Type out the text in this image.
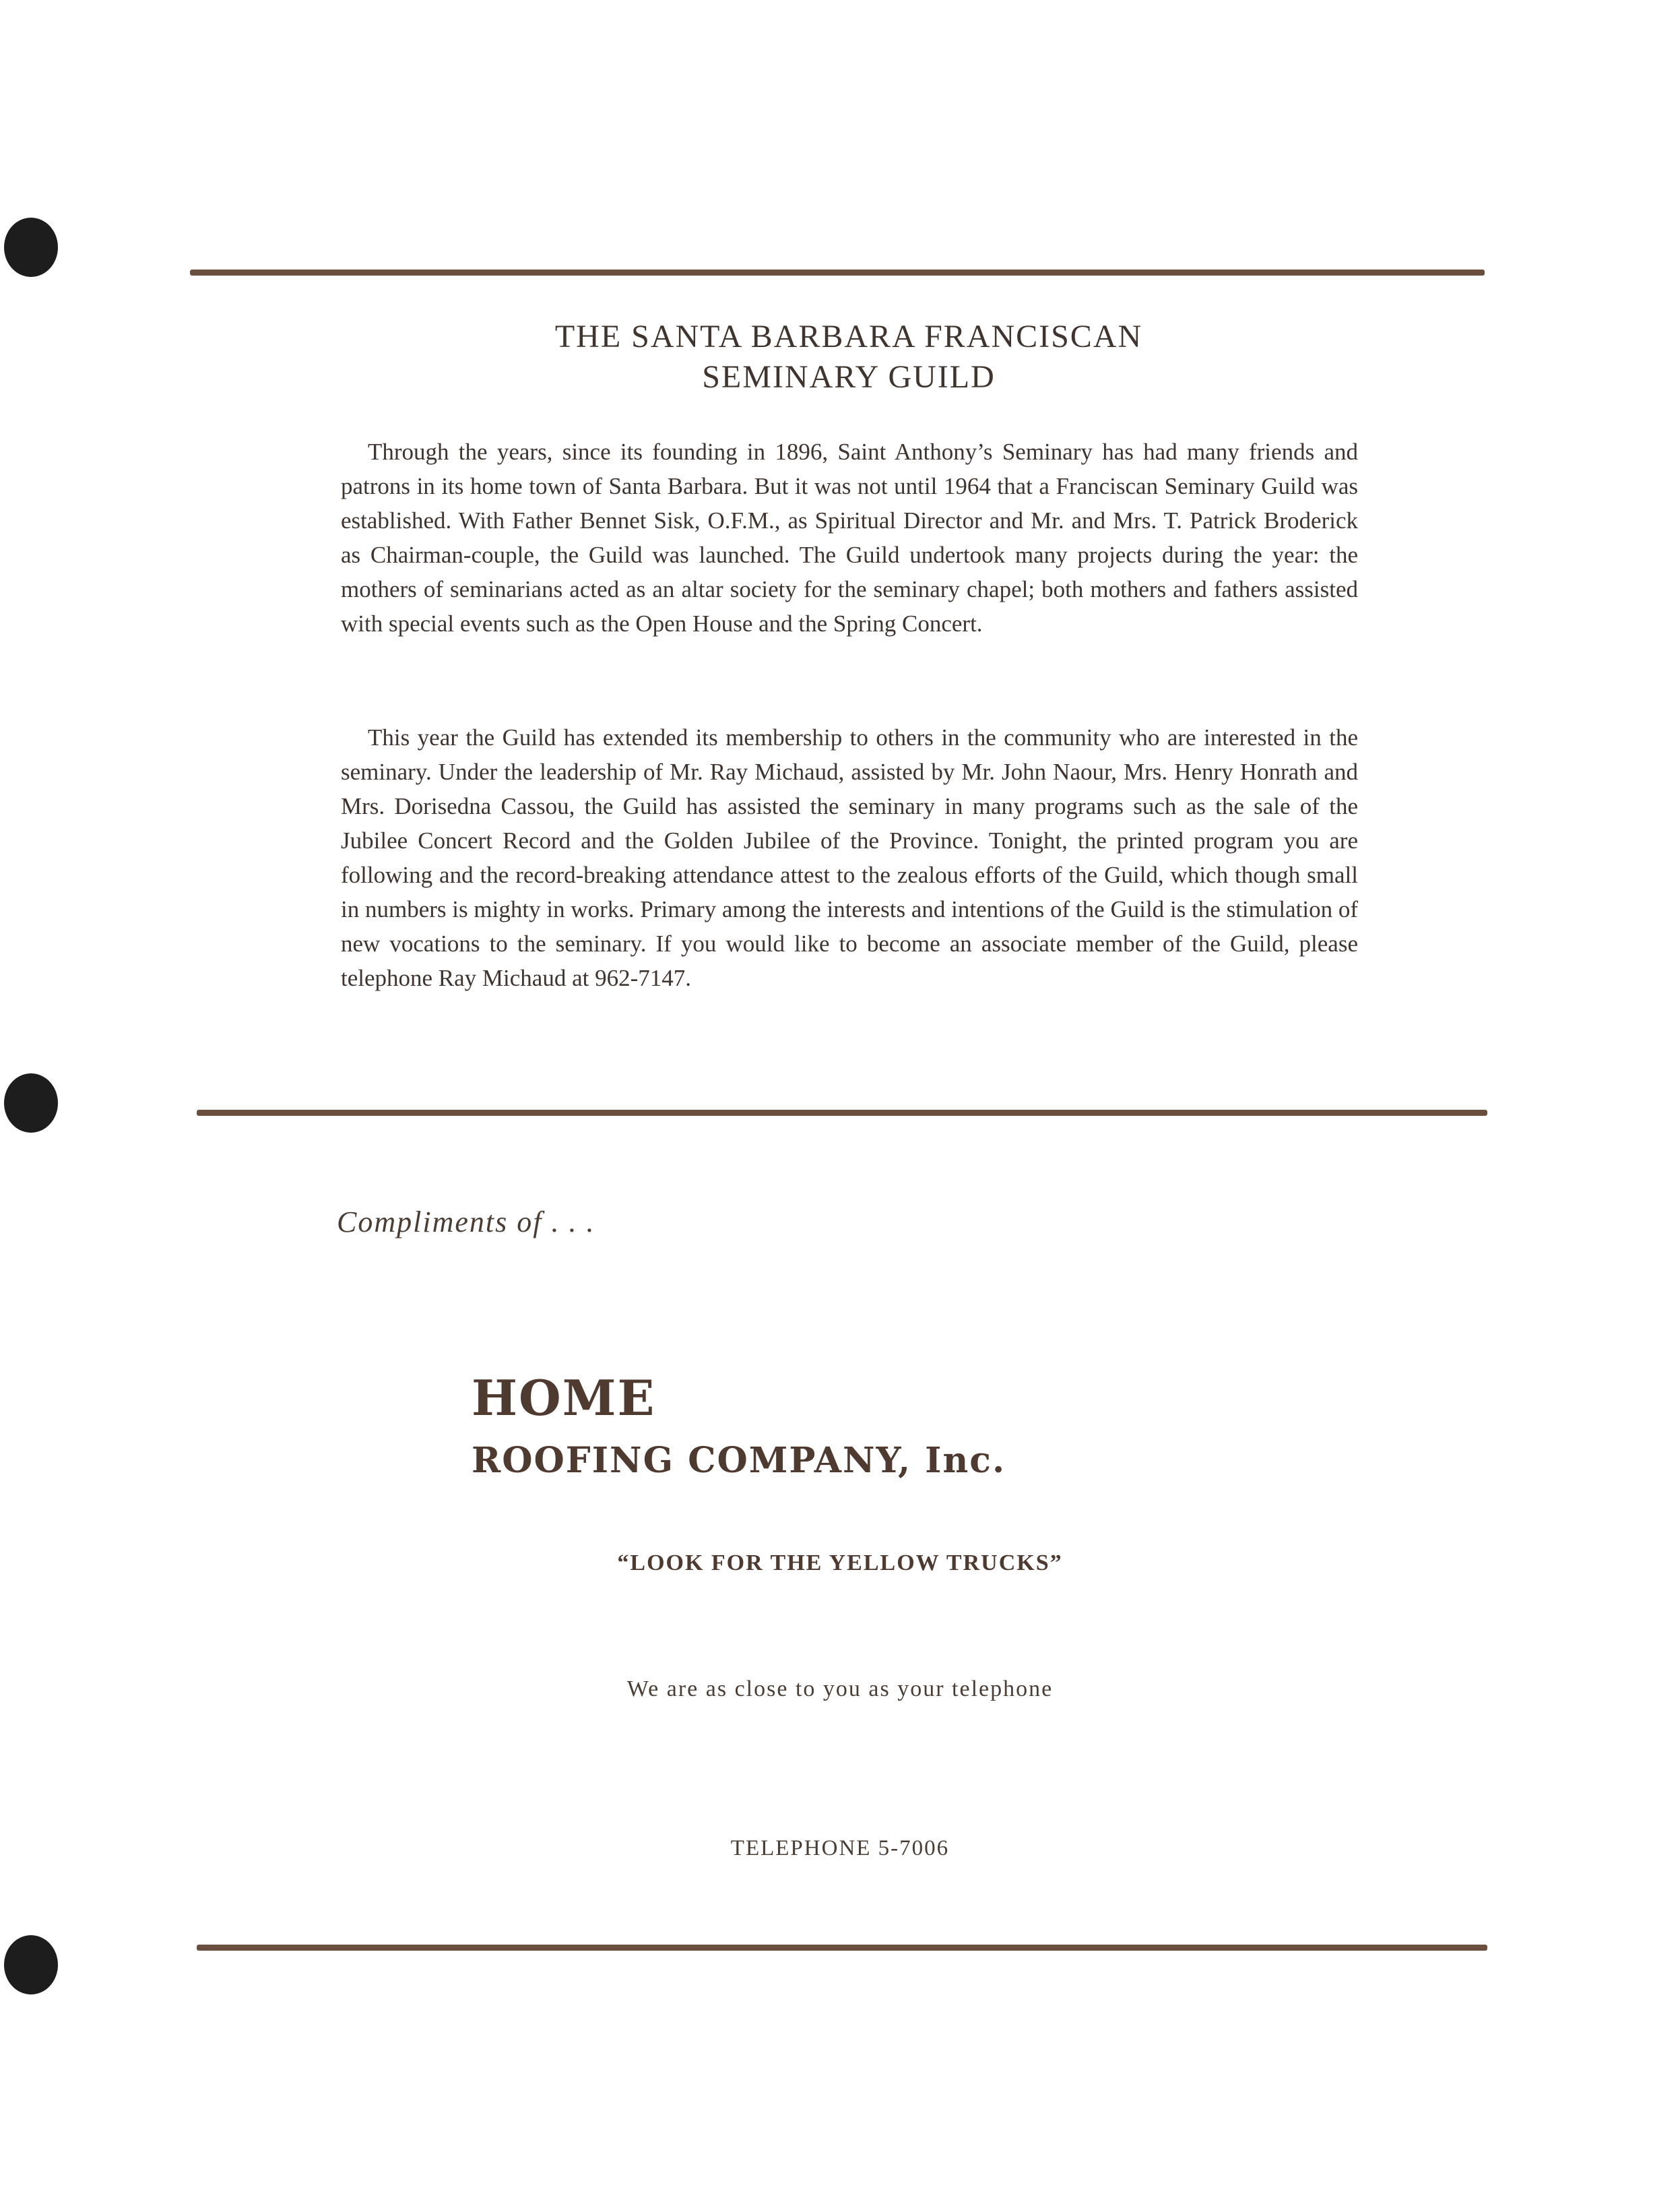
THE SANTA BARBARA FRANCISCAN
SEMINARY GUILD

Through the years, since its founding in 1896, Saint Anthony’s Seminary has had many friends and patrons in its home town of Santa Barbara. But it was not until 1964 that a Franciscan Seminary Guild was established. With Father Bennet Sisk, O.F.M., as Spiritual Director and Mr. and Mrs. T. Patrick Broderick as Chairman-couple, the Guild was launched. The Guild undertook many projects during the year: the mothers of seminarians acted as an altar society for the seminary chapel; both mothers and fathers assisted with special events such as the Open House and the Spring Concert.

This year the Guild has extended its membership to others in the community who are interested in the seminary. Under the leadership of Mr. Ray Michaud, assisted by Mr. John Naour, Mrs. Henry Honrath and Mrs. Dorisedna Cassou, the Guild has assisted the seminary in many programs such as the sale of the Jubilee Concert Record and the Golden Jubilee of the Province. Tonight, the printed program you are following and the record-breaking attendance attest to the zealous efforts of the Guild, which though small in numbers is mighty in works. Primary among the interests and intentions of the Guild is the stimulation of new vocations to the seminary. If you would like to become an associate member of the Guild, please telephone Ray Michaud at 962-7147.

Compliments of . . .
HOME
ROOFING COMPANY, Inc.
“LOOK FOR THE YELLOW TRUCKS”
We are as close to you as your telephone
TELEPHONE 5-7006
